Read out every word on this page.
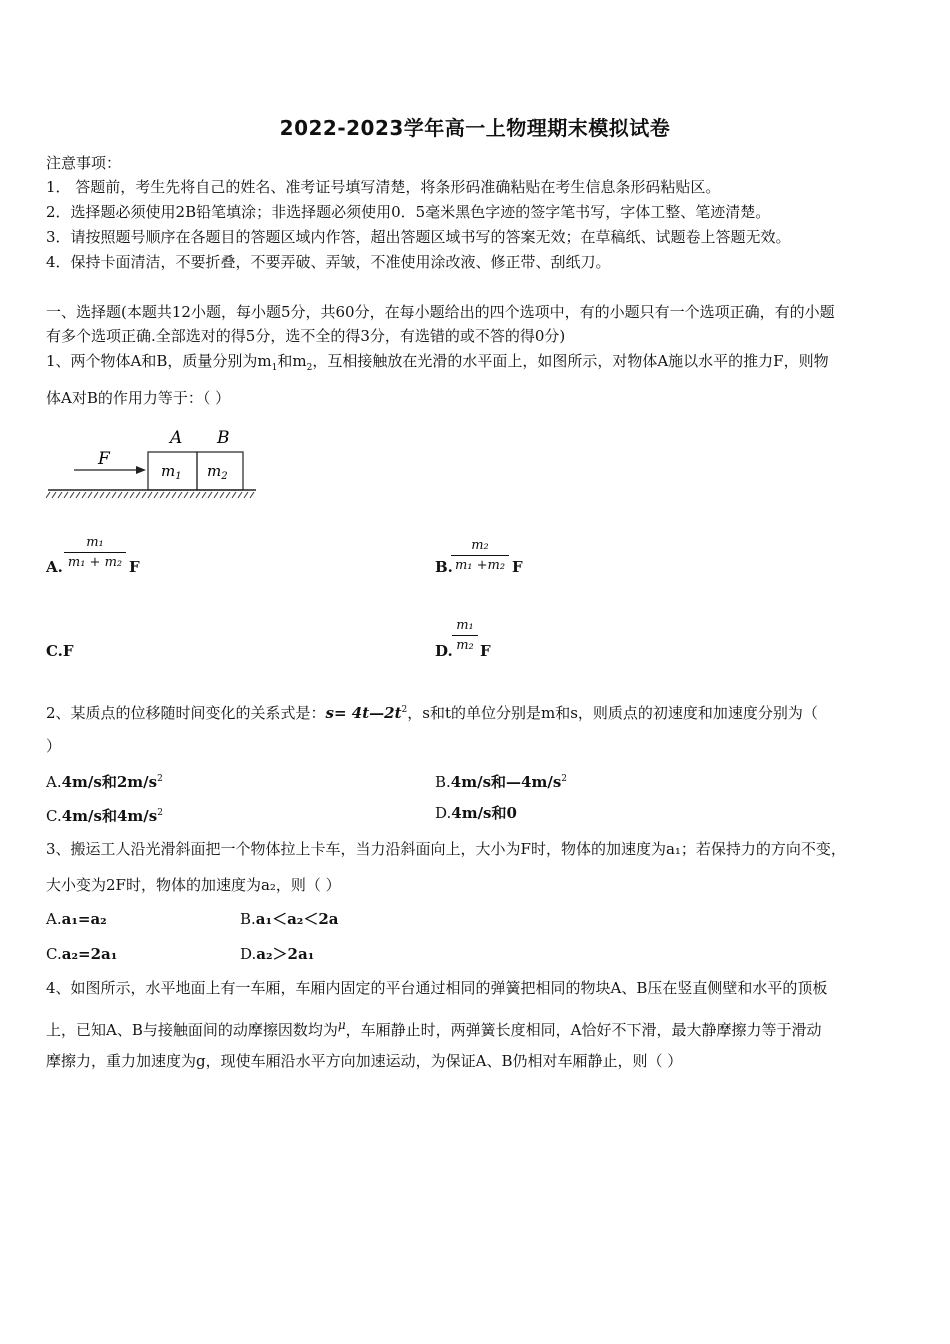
2022-2023学年高一上物理期末模拟试卷
注意事项：
1． 答题前，考生先将自己的姓名、准考证号填写清楚，将条形码准确粘贴在考生信息条形码粘贴区。
2．选择题必须使用2B铅笔填涂；非选择题必须使用0．5毫米黑色字迹的签字笔书写，字体工整、笔迹清楚。
3．请按照题号顺序在各题目的答题区域内作答，超出答题区域书写的答案无效；在草稿纸、试题卷上答题无效。
4．保持卡面清洁，不要折叠，不要弄破、弄皱，不准使用涂改液、修正带、刮纸刀。
一、选择题(本题共12小题，每小题5分，共60分，在每小题给出的四个选项中，有的小题只有一个选项正确，有的小题
有多个选项正确.全部选对的得5分，选不全的得3分，有选错的或不答的得0分)
1、两个物体A和B，质量分别为$m_1$和$m_2$，互相接触放在光滑的水平面上，如图所示，对物体A施以水平的推力F，则物
体A对B的作用力等于：（ ）
F
A B
$m_1$ $m_2$
A.
m₁
m₁ + m₂ F	B.
m₂
m₁ +m₂ F
C.F	D.
m₁
m₂ F
2、某质点的位移随时间变化的关系式是：$s= 4t—2t^2$，s和t的单位分别是m和s，则质点的初速度和加速度分别为（
）
A.4m/s和$2m/s^2$	B.4m/s和$—4m/s^2$
C.4m/s和$4m/s^2$	D.4m/s和0
3、搬运工人沿光滑斜面把一个物体拉上卡车，当力沿斜面向上，大小为F时，物体的加速度为a₁；若保持力的方向不变，
大小变为2F时，物体的加速度为a₂，则（ ）
A.a₁=a₂	B.a₁＜a₂＜2a
C.a₂=2a₁	D.a₂＞2a₁
4、如图所示，水平地面上有一车厢，车厢内固定的平台通过相同的弹簧把相同的物块A、B压在竖直侧壁和水平的顶板
上，已知A、B与接触面间的动摩擦因数均为$^\mu$，车厢静止时，两弹簧长度相同，A恰好不下滑，最大静摩擦力等于滑动
摩擦力，重力加速度为g，现使车厢沿水平方向加速运动，为保证A、B仍相对车厢静止，则（ ）
